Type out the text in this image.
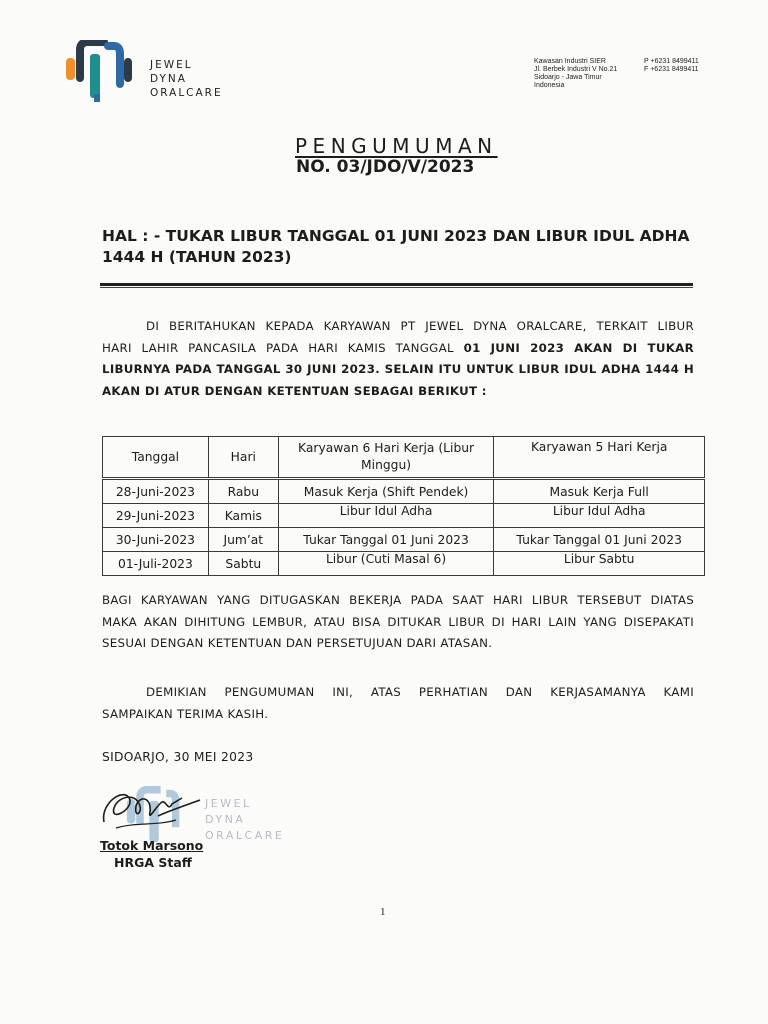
JEWEL
DYNA
ORALCARE
Kawasan Industri SIER
Jl. Berbek Industri V No.21
Sidoarjo - Jawa Timur
Indonesia
P +6231 8499411
F +6231 8499411
PENGUMUMAN
NO. 03/JDO/V/2023
HAL : - TUKAR LIBUR TANGGAL 01 JUNI 2023 DAN LIBUR IDUL ADHA
1444 H (TAHUN 2023)
DI BERITAHUKAN KEPADA KARYAWAN PT JEWEL DYNA ORALCARE, TERKAIT LIBUR
HARI LAHIR PANCASILA PADA HARI KAMIS TANGGAL 01 JUNI 2023 AKAN DI TUKAR
LIBURNYA PADA TANGGAL 30 JUNI 2023. SELAIN ITU UNTUK LIBUR IDUL ADHA 1444 H
AKAN DI ATUR DENGAN KETENTUAN SEBAGAI BERIKUT :
Tanggal	Hari	Karyawan 6 Hari Kerja (Libur Minggu)	Karyawan 5 Hari Kerja
28-Juni-2023	Rabu	Masuk Kerja (Shift Pendek)	Masuk Kerja Full
29-Juni-2023	Kamis	Libur Idul Adha	Libur Idul Adha
30-Juni-2023	Jum’at	Tukar Tanggal 01 Juni 2023	Tukar Tanggal 01 Juni 2023
01-Juli-2023	Sabtu	Libur (Cuti Masal 6)	Libur Sabtu
BAGI KARYAWAN YANG DITUGASKAN BEKERJA PADA SAAT HARI LIBUR TERSEBUT DIATAS
MAKA AKAN DIHITUNG LEMBUR, ATAU BISA DITUKAR LIBUR DI HARI LAIN YANG DISEPAKATI
SESUAI DENGAN KETENTUAN DAN PERSETUJUAN DARI ATASAN.
DEMIKIAN PENGUMUMAN INI, ATAS PERHATIAN DAN KERJASAMANYA KAMI
SAMPAIKAN TERIMA KASIH.
SIDOARJO, 30 MEI 2023
JEWEL
DYNA
ORALCARE
Totok Marsono
HRGA Staff
1
